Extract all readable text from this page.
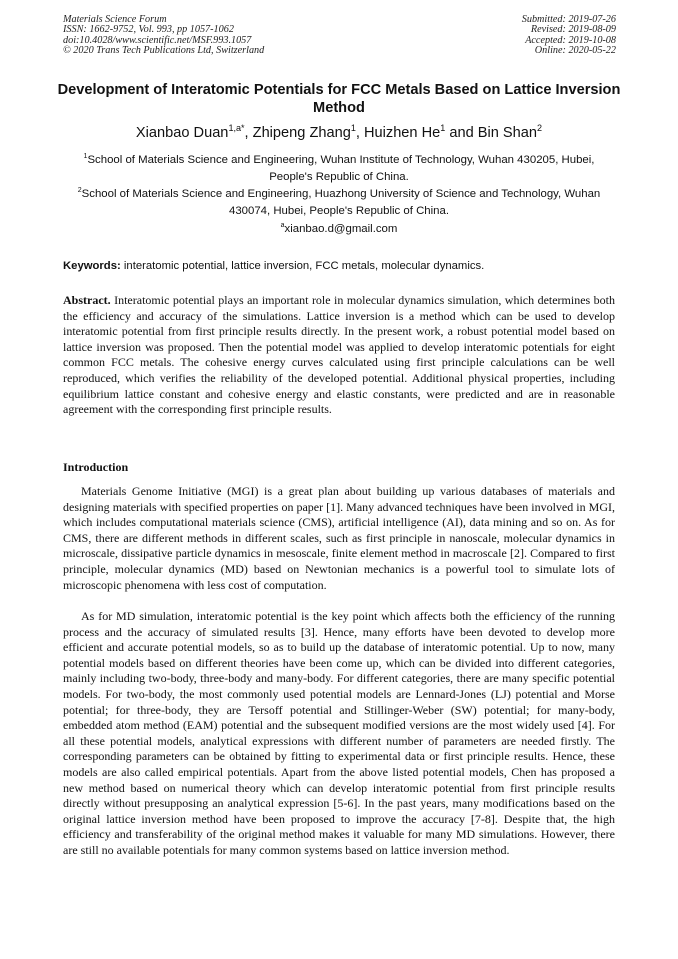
Materials Science Forum
ISSN: 1662-9752, Vol. 993, pp 1057-1062
doi:10.4028/www.scientific.net/MSF.993.1057
© 2020 Trans Tech Publications Ltd, Switzerland
Submitted: 2019-07-26
Revised: 2019-08-09
Accepted: 2019-10-08
Online: 2020-05-22
Development of Interatomic Potentials for FCC Metals Based on Lattice Inversion Method
Xianbao Duan$^{1,a*}$, Zhipeng Zhang$^1$, Huizhen He$^1$ and Bin Shan$^2$
$^1$School of Materials Science and Engineering, Wuhan Institute of Technology, Wuhan 430205, Hubei, People's Republic of China.
$^2$School of Materials Science and Engineering, Huazhong University of Science and Technology, Wuhan 430074, Hubei, People's Republic of China.
$^a$xianbao.d@gmail.com
Keywords: interatomic potential, lattice inversion, FCC metals, molecular dynamics.
Abstract. Interatomic potential plays an important role in molecular dynamics simulation, which determines both the efficiency and accuracy of the simulations. Lattice inversion is a method which can be used to develop interatomic potential from first principle results directly. In the present work, a robust potential model based on lattice inversion was proposed. Then the potential model was applied to develop interatomic potentials for eight common FCC metals. The cohesive energy curves calculated using first principle calculations can be well reproduced, which verifies the reliability of the developed potential. Additional physical properties, including equilibrium lattice constant and cohesive energy and elastic constants, were predicted and are in reasonable agreement with the corresponding first principle results.
Introduction
Materials Genome Initiative (MGI) is a great plan about building up various databases of materials and designing materials with specified properties on paper [1]. Many advanced techniques have been involved in MGI, which includes computational materials science (CMS), artificial intelligence (AI), data mining and so on. As for CMS, there are different methods in different scales, such as first principle in nanoscale, molecular dynamics in microscale, dissipative particle dynamics in mesoscale, finite element method in macroscale [2]. Compared to first principle, molecular dynamics (MD) based on Newtonian mechanics is a powerful tool to simulate lots of microscopic phenomena with less cost of computation.
As for MD simulation, interatomic potential is the key point which affects both the efficiency of the running process and the accuracy of simulated results [3]. Hence, many efforts have been devoted to develop more efficient and accurate potential models, so as to build up the database of interatomic potential. Up to now, many potential models based on different theories have been come up, which can be divided into different categories, mainly including two-body, three-body and many-body. For different categories, there are many specific potential models. For two-body, the most commonly used potential models are Lennard-Jones (LJ) potential and Morse potential; for three-body, they are Tersoff potential and Stillinger-Weber (SW) potential; for many-body, embedded atom method (EAM) potential and the subsequent modified versions are the most widely used [4]. For all these potential models, analytical expressions with different number of parameters are needed firstly. The corresponding parameters can be obtained by fitting to experimental data or first principle results. Hence, these models are also called empirical potentials. Apart from the above listed potential models, Chen has proposed a new method based on numerical theory which can develop interatomic potential from first principle results directly without presupposing an analytical expression [5-6]. In the past years, many modifications based on the original lattice inversion method have been proposed to improve the accuracy [7-8]. Despite that, the high efficiency and transferability of the original method makes it valuable for many MD simulations. However, there are still no available potentials for many common systems based on lattice inversion method.
